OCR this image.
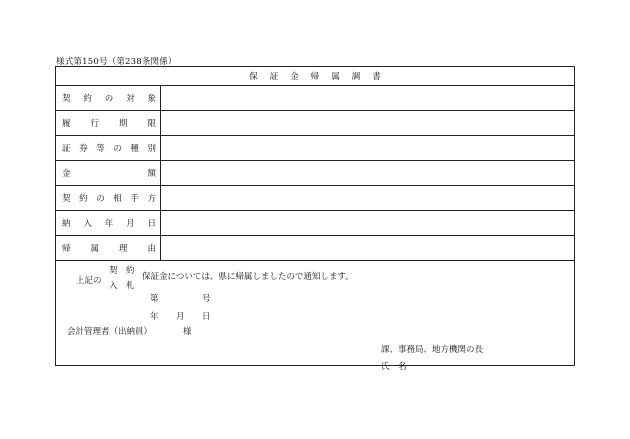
様式第150号（第238条関係）
保 証 金 帰 属 調 書
契 約 の 対 象
履 行 期 限
証 券 等 の 種 別
金	額
契 約 の 相 手 方
納 入 年 月 日
帰 属 理 由
上記の
契　約
入　札
保証金については、県に帰属しましたので通知します。
第	号
年 月 日
会計管理者（出納員）	様
課、事務局、地方機関の長
氏　名
